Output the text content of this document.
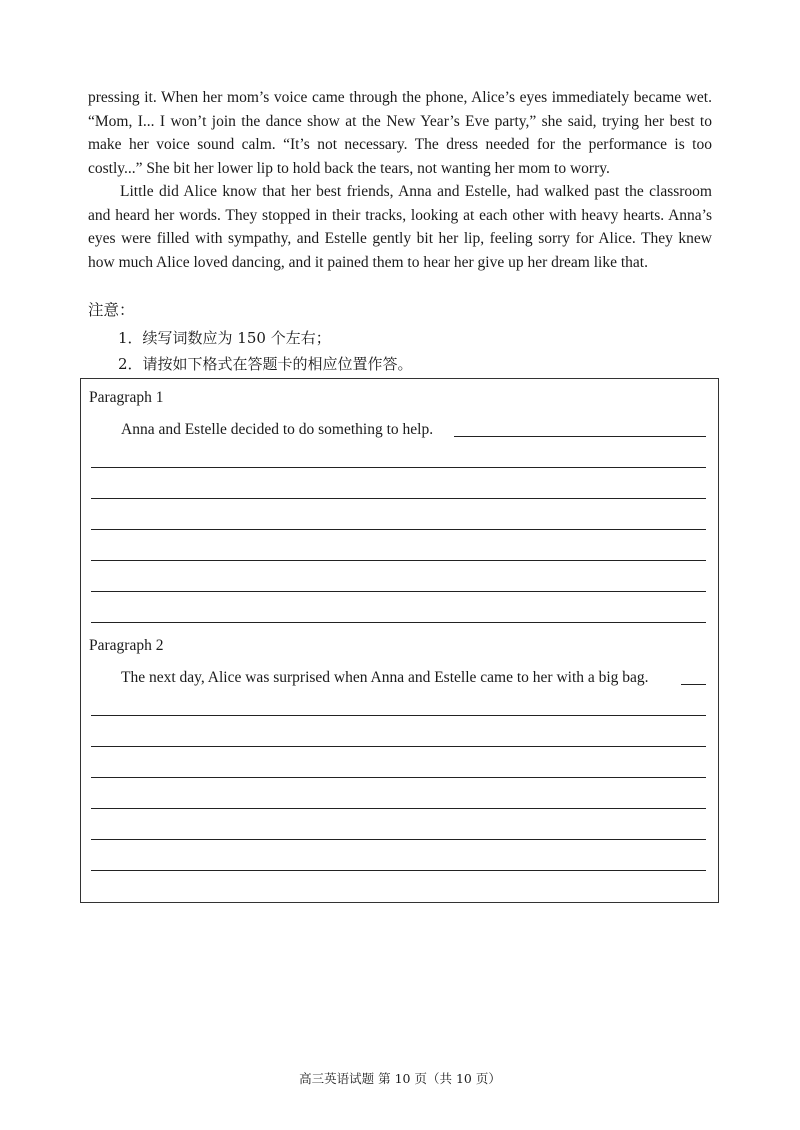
pressing it. When her mom’s voice came through the phone, Alice’s eyes immediately became wet. “Mom, I... I won’t join the dance show at the New Year’s Eve party,” she said, trying her best to make her voice sound calm. “It’s not necessary. The dress needed for the performance is too costly...” She bit her lower lip to hold back the tears, not wanting her mom to worry.

Little did Alice know that her best friends, Anna and Estelle, had walked past the classroom and heard her words. They stopped in their tracks, looking at each other with heavy hearts. Anna’s eyes were filled with sympathy, and Estelle gently bit her lip, feeling sorry for Alice. They knew how much Alice loved dancing, and it pained them to hear her give up her dream like that.

注意：

1．续写词数应为 150 个左右；

2．请按如下格式在答题卡的相应位置作答。

Paragraph 1

Anna and Estelle decided to do something to help.

Paragraph 2

The next day, Alice was surprised when Anna and Estelle came to her with a big bag.

高三英语试题 第 10 页（共 10 页）
